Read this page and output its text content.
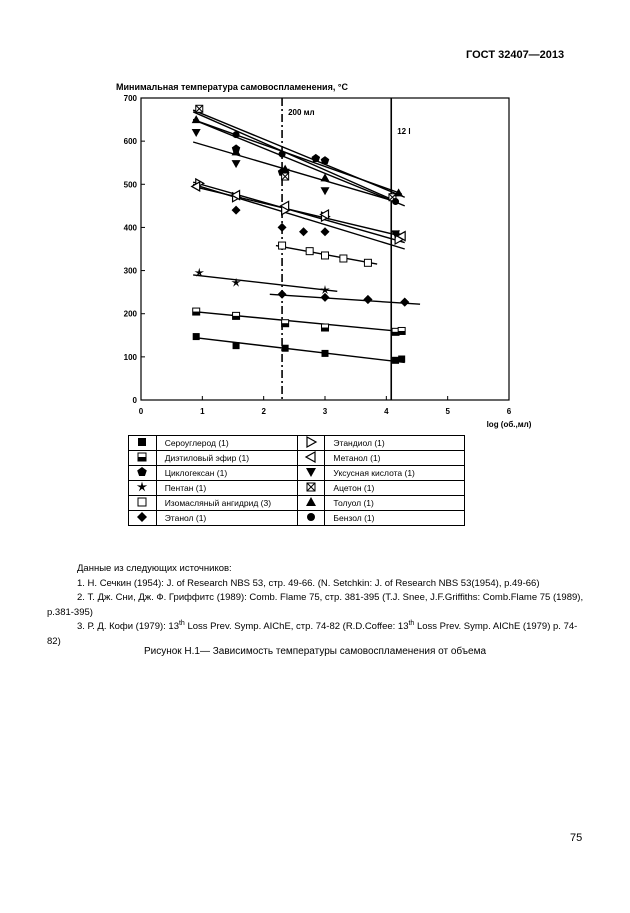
ГОСТ 32407—2013
Минимальная температура самовоспламенения, °С
0	1	2	3	4	5	6
0
100
200
300
400
500
600
700
log (об.,мл)
200 мл
12 l
	Сероуглерод (1)		Этандиол (1)
	Диэтиловый эфир (1)		Метанол (1)
	Циклогексан (1)		Уксусная кислота (1)
	Пентан (1)		Ацетон (1)
	Изомасляный ангидрид (3)		Толуол (1)
	Этанол (1)		Бензол (1)

Данные из следующих источников:

1. Н. Сечкин (1954): J. of Research NBS 53, стр. 49-66. (N. Setchkin: J. of Research NBS 53(1954), p.49-66)

2. Т. Дж. Сни, Дж. Ф. Гриффитс (1989): Comb. Flame 75, стр. 381-395 (T.J. Snee, J.F.Griffiths: Comb.Flame 75 (1989), p.381-395)

3. Р. Д. Кофи (1979): 13th Loss Prev. Symp. AIChE, стр. 74-82 (R.D.Coffee: 13th Loss Prev. Symp. AIChE (1979) p. 74-82)

Рисунок Н.1— Зависимость температуры самовоспламенения от объема
75
